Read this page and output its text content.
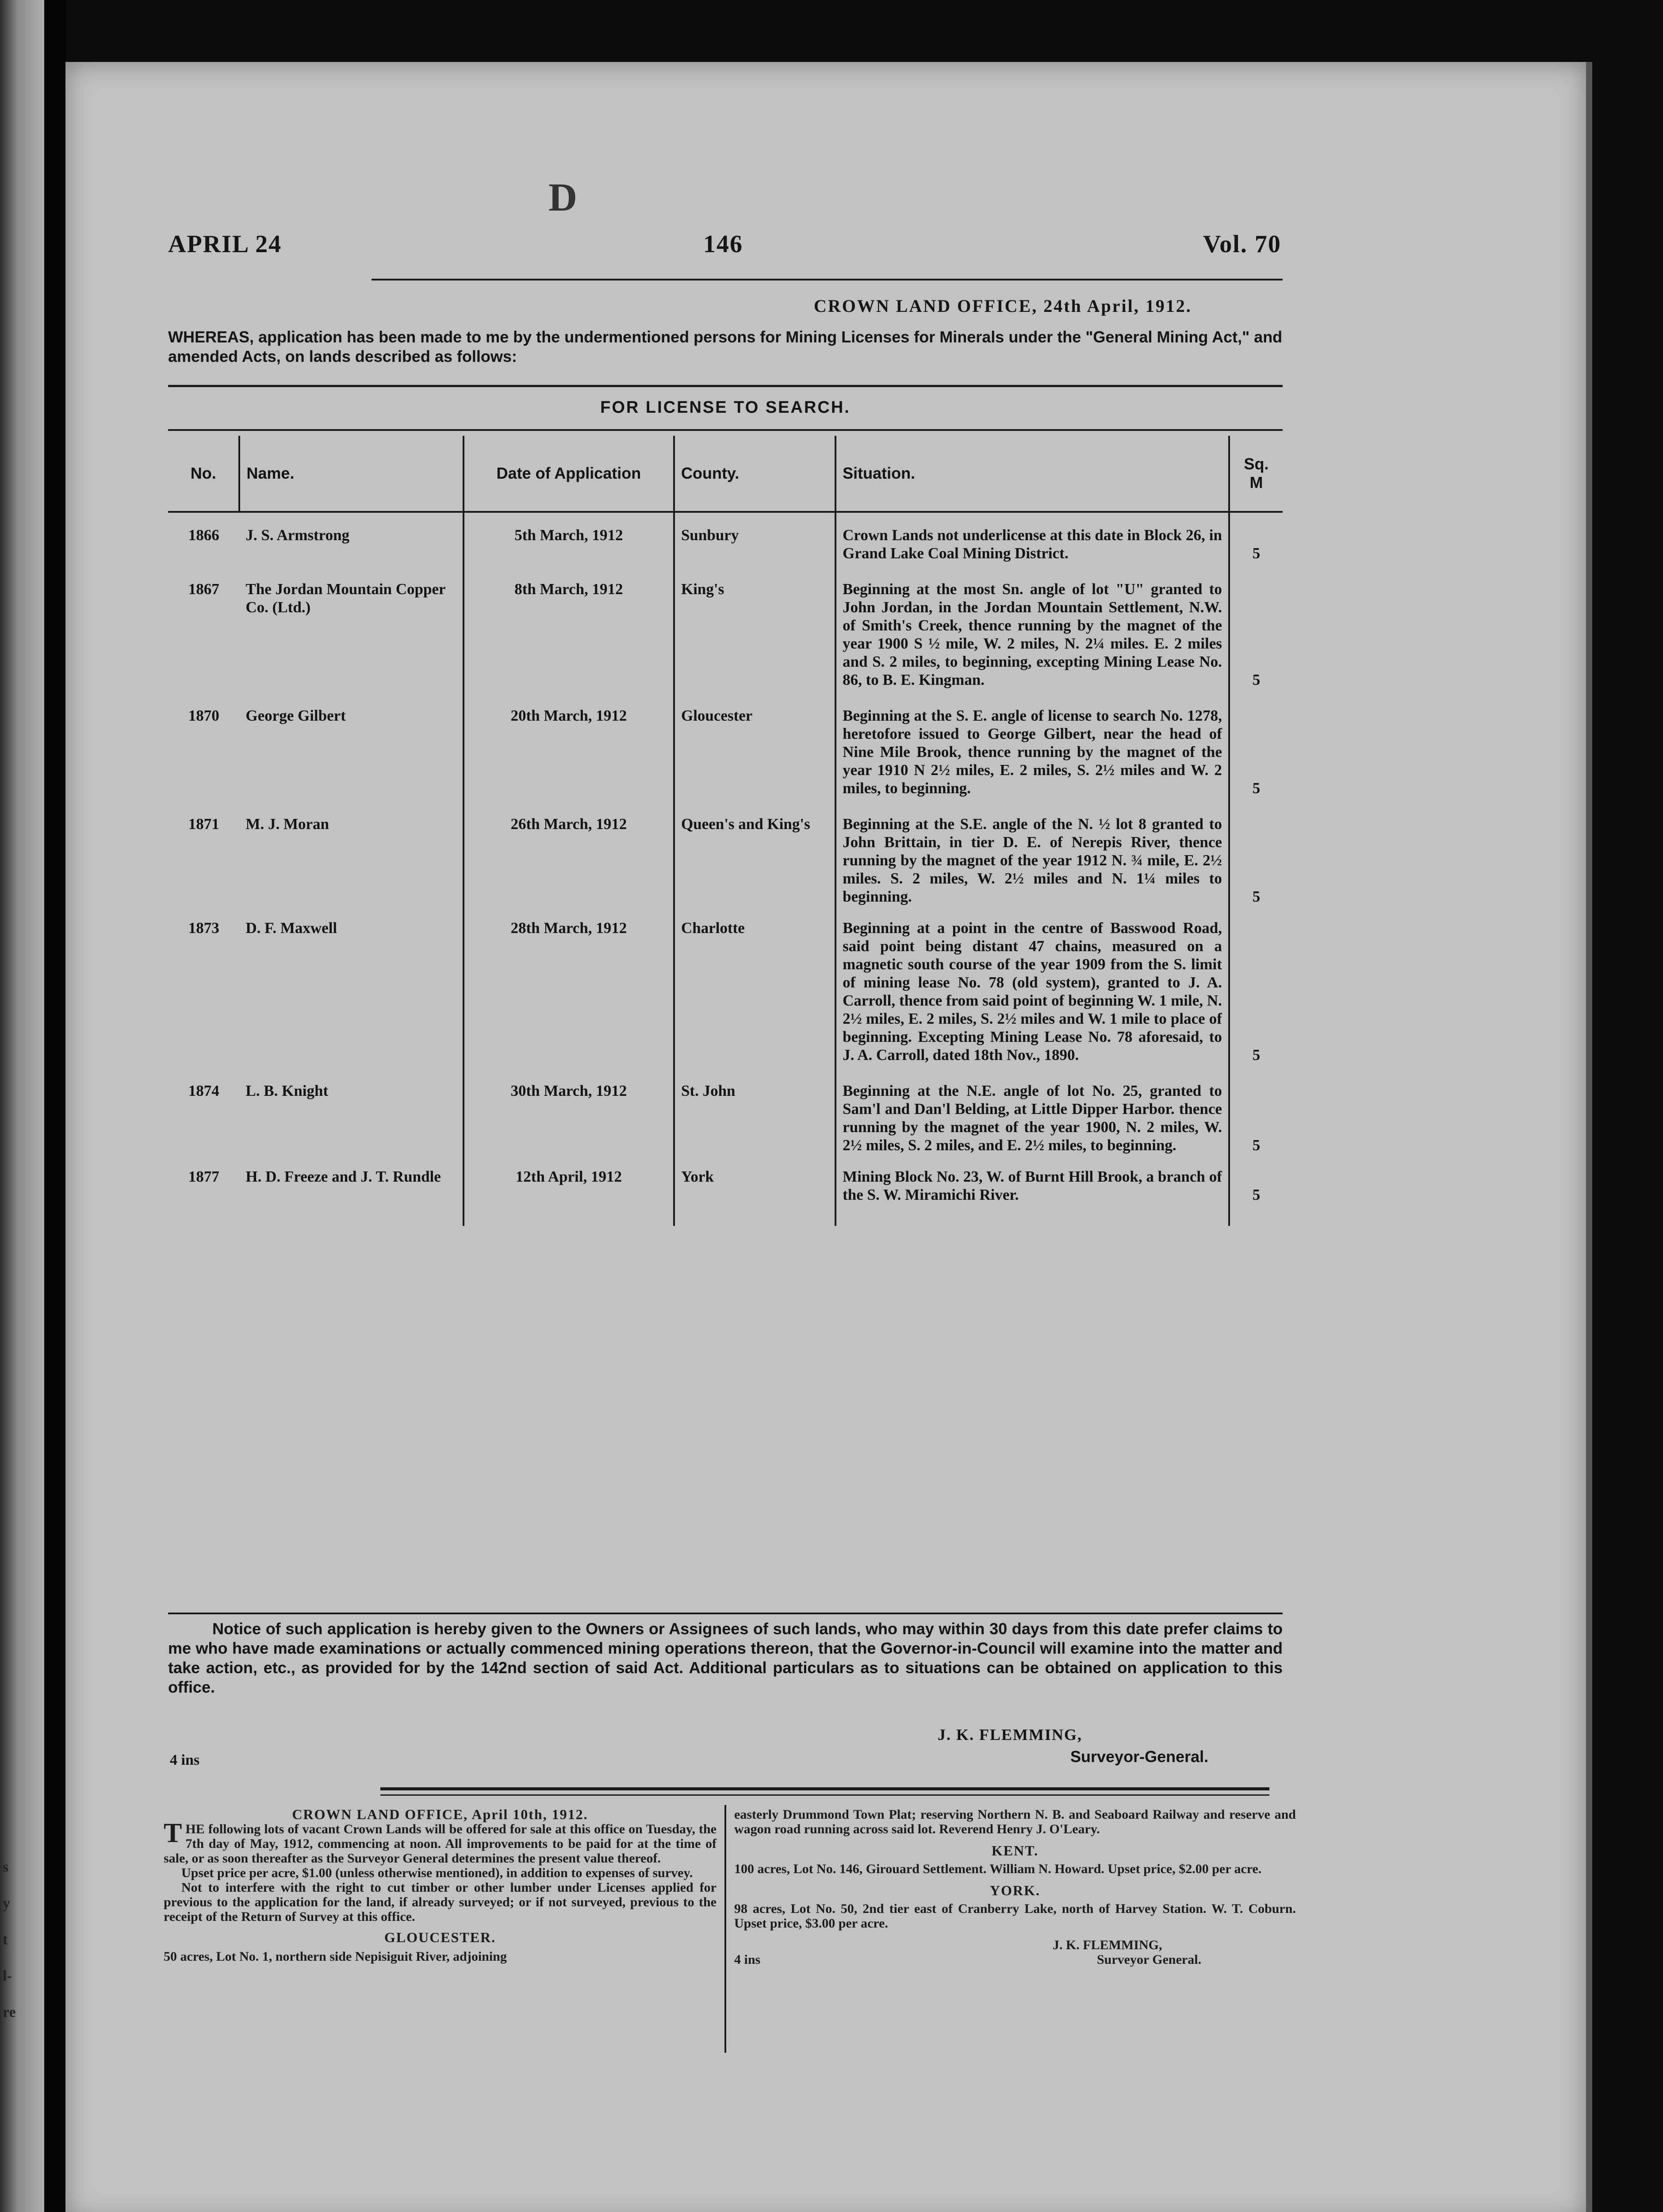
s
y
t
l-
re
D
APRIL 24	146	Vol. 70
CROWN LAND OFFICE, 24th April, 1912.
WHEREAS, application has been made to me by the undermentioned persons for Mining Licenses for Minerals under the "General Mining Act," and amended Acts, on lands described as follows:
FOR LICENSE TO SEARCH.
No.	Name.	Date of Application	County.	Situation.	Sq. M
1866	J. S. Armstrong	5th March, 1912	Sunbury	Crown Lands not underlicense at this date in Block 26, in Grand Lake Coal Mining District.	5
1867	The Jordan Mountain Copper Co. (Ltd.)	8th March, 1912	King's	Beginning at the most Sn. angle of lot "U" granted to John Jordan, in the Jordan Mountain Settlement, N.W. of Smith's Creek, thence running by the magnet of the year 1900 S ½ mile, W. 2 miles, N. 2¼ miles. E. 2 miles and S. 2 miles, to beginning, excepting Mining Lease No. 86, to B. E. Kingman.	5
1870	George Gilbert	20th March, 1912	Gloucester	Beginning at the S. E. angle of license to search No. 1278, heretofore issued to George Gilbert, near the head of Nine Mile Brook, thence running by the magnet of the year 1910 N 2½ miles, E. 2 miles, S. 2½ miles and W. 2 miles, to beginning.	5
1871	M. J. Moran	26th March, 1912	Queen's and King's	Beginning at the S.E. angle of the N. ½ lot 8 granted to John Brittain, in tier D. E. of Nerepis River, thence running by the magnet of the year 1912 N. ¾ mile, E. 2½ miles. S. 2 miles, W. 2½ miles and N. 1¼ miles to beginning.	5
1873	D. F. Maxwell	28th March, 1912	Charlotte	Beginning at a point in the centre of Basswood Road, said point being distant 47 chains, measured on a magnetic south course of the year 1909 from the S. limit of mining lease No. 78 (old system), granted to J. A. Carroll, thence from said point of beginning W. 1 mile, N. 2½ miles, E. 2 miles, S. 2½ miles and W. 1 mile to place of beginning. Excepting Mining Lease No. 78 aforesaid, to J. A. Carroll, dated 18th Nov., 1890.	5
1874	L. B. Knight	30th March, 1912	St. John	Beginning at the N.E. angle of lot No. 25, granted to Sam'l and Dan'l Belding, at Little Dipper Harbor. thence running by the magnet of the year 1900, N. 2 miles, W. 2½ miles, S. 2 miles, and E. 2½ miles, to beginning.	5
1877	H. D. Freeze and J. T. Rundle	12th April, 1912	York	Mining Block No. 23, W. of Burnt Hill Brook, a branch of the S. W. Miramichi River.	5
Notice of such application is hereby given to the Owners or Assignees of such lands, who may within 30 days from this date prefer claims to me who have made examinations or actually commenced mining operations thereon, that the Governor-in-Council will examine into the matter and take action, etc., as provided for by the 142nd section of said Act. Additional particulars as to situations can be obtained on application to this office.
J. K. FLEMMING,
Surveyor-General.
4 ins

CROWN LAND OFFICE, April 10th, 1912.

THE following lots of vacant Crown Lands will be offered for sale at this office on Tuesday, the 7th day of May, 1912, commencing at noon. All improvements to be paid for at the time of sale, or as soon thereafter as the Surveyor General determines the present value thereof.

Upset price per acre, $1.00 (unless otherwise mentioned), in addition to expenses of survey.

Not to interfere with the right to cut timber or other lumber under Licenses applied for previous to the application for the land, if already surveyed; or if not surveyed, previous to the receipt of the Return of Survey at this office.

GLOUCESTER.

50 acres, Lot No. 1, northern side Nepisiguit River, adjoining

easterly Drummond Town Plat; reserving Northern N. B. and Seaboard Railway and reserve and wagon road running across said lot. Reverend Henry J. O'Leary.

KENT.

100 acres, Lot No. 146, Girouard Settlement. William N. Howard. Upset price, $2.00 per acre.

YORK.

98 acres, Lot No. 50, 2nd tier east of Cranberry Lake, north of Harvey Station. W. T. Coburn. Upset price, $3.00 per acre.

J. K. FLEMMING,

4 ins	Surveyor General.
